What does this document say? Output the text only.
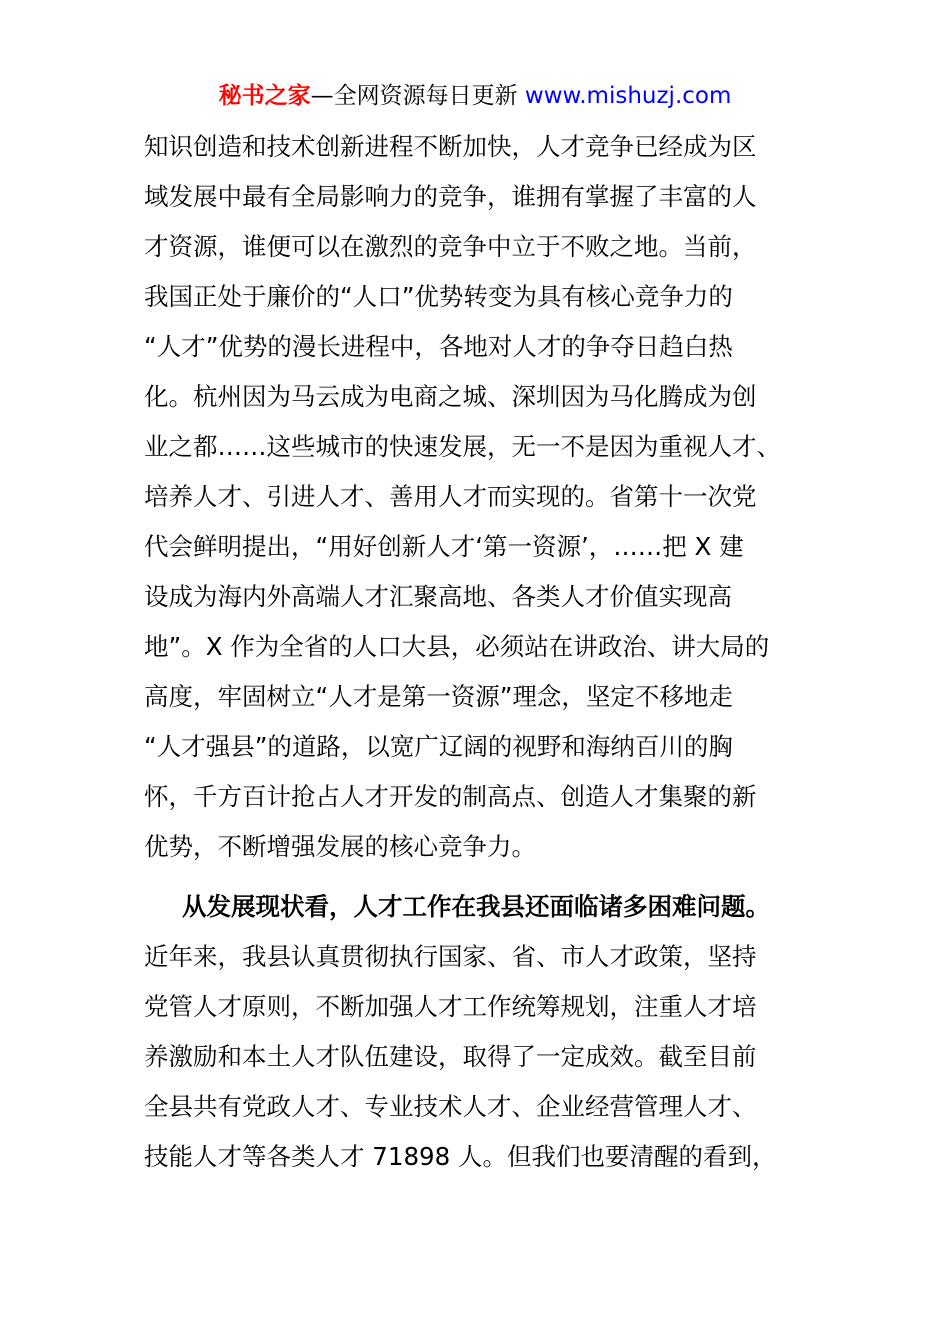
秘书之家—全网资源每日更新 www.mishuzj.com
知识创造和技术创新进程不断加快，人才竞争已经成为区
域发展中最有全局影响力的竞争，谁拥有掌握了丰富的人
才资源，谁便可以在激烈的竞争中立于不败之地。当前，
我国正处于廉价的“人口”优势转变为具有核心竞争力的
“人才”优势的漫长进程中，各地对人才的争夺日趋白热
化。杭州因为马云成为电商之城、深圳因为马化腾成为创
业之都……这些城市的快速发展，无一不是因为重视人才、
培养人才、引进人才、善用人才而实现的。省第十一次党
代会鲜明提出，“用好创新人才‘第一资源’，……把 X 建
设成为海内外高端人才汇聚高地、各类人才价值实现高
地”。X 作为全省的人口大县，必须站在讲政治、讲大局的
高度，牢固树立“人才是第一资源”理念，坚定不移地走
“人才强县”的道路，以宽广辽阔的视野和海纳百川的胸
怀，千方百计抢占人才开发的制高点、创造人才集聚的新
优势，不断增强发展的核心竞争力。
从发展现状看，人才工作在我县还面临诸多困难问题。
近年来，我县认真贯彻执行国家、省、市人才政策，坚持
党管人才原则，不断加强人才工作统筹规划，注重人才培
养激励和本土人才队伍建设，取得了一定成效。截至目前
全县共有党政人才、专业技术人才、企业经营管理人才、
技能人才等各类人才 71898 人。但我们也要清醒的看到，
